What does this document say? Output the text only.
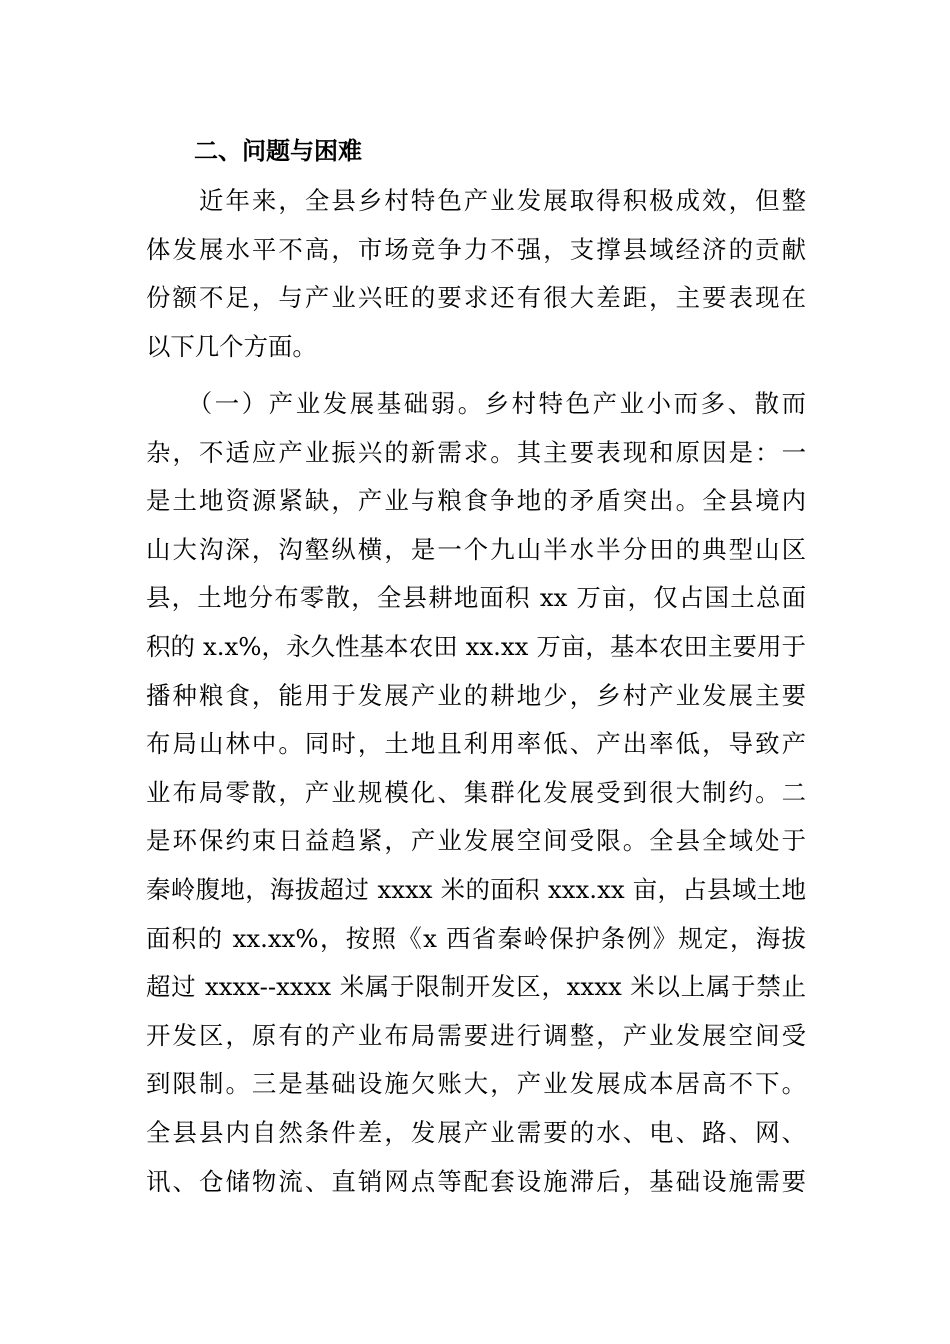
二、问题与困难
　　近年来，全县乡村特色产业发展取得积极成效，但整
体发展水平不高，市场竞争力不强，支撑县域经济的贡献
份额不足，与产业兴旺的要求还有很大差距，主要表现在
以下几个方面。
　　（一）产业发展基础弱。乡村特色产业小而多、散而
杂，不适应产业振兴的新需求。其主要表现和原因是：一
是土地资源紧缺，产业与粮食争地的矛盾突出。全县境内
山大沟深，沟壑纵横，是一个九山半水半分田的典型山区
县，土地分布零散，全县耕地面积 xx 万亩，仅占国土总面
积的 x.x%，永久性基本农田 xx.xx 万亩，基本农田主要用于
播种粮食，能用于发展产业的耕地少，乡村产业发展主要
布局山林中。同时，土地且利用率低、产出率低，导致产
业布局零散，产业规模化、集群化发展受到很大制约。二
是环保约束日益趋紧，产业发展空间受限。全县全域处于
秦岭腹地，海拔超过 xxxx 米的面积 xxx.xx 亩，占县域土地
面积的 xx.xx%，按照《x 西省秦岭保护条例》规定，海拔
超过 xxxx--xxxx 米属于限制开发区，xxxx 米以上属于禁止
开发区，原有的产业布局需要进行调整，产业发展空间受
到限制。三是基础设施欠账大，产业发展成本居高不下。
全县县内自然条件差，发展产业需要的水、电、路、网、
讯、仓储物流、直销网点等配套设施滞后，基础设施需要
